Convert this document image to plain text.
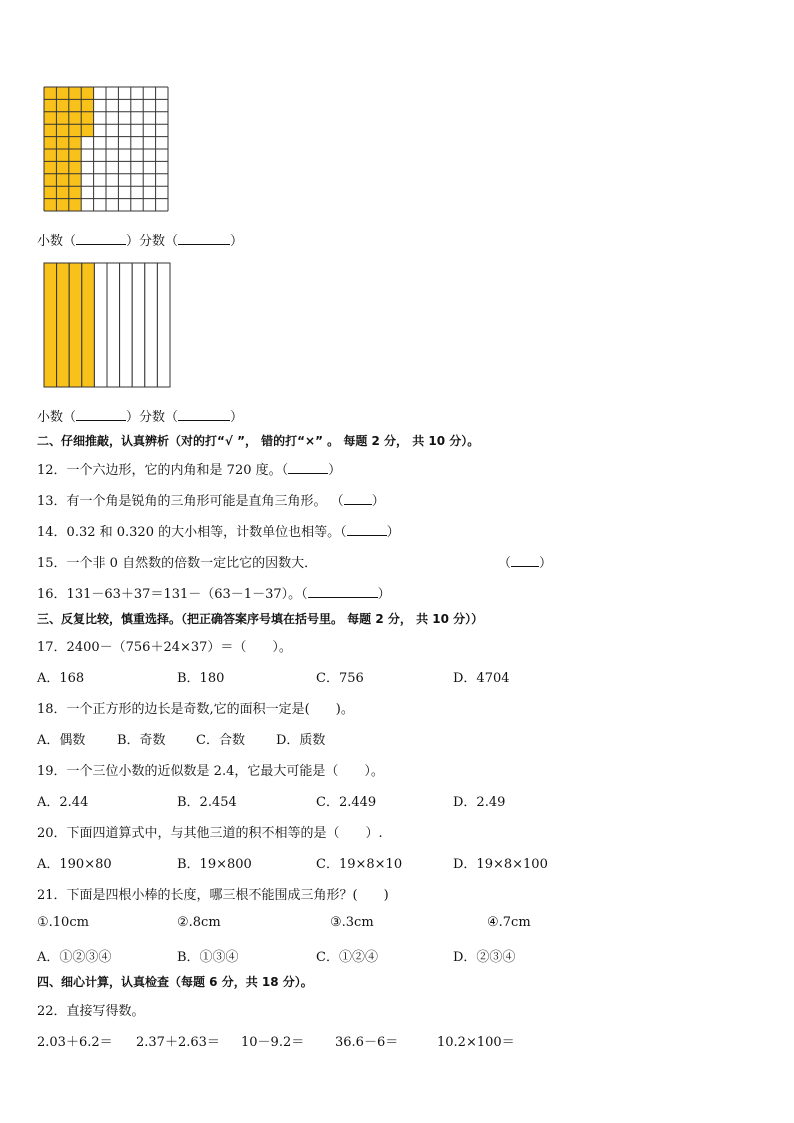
小数（	）分数（	）
小数（	）分数（	）
二、仔细推敲，认真辨析（对的打“√ ”， 错的打“×” 。 每题 2 分， 共 10 分）。
12．一个六边形，它的内角和是 720 度。（	）
13．有一个角是锐角的三角形可能是直角三角形。 （ ）
14．0.32 和 0.320 的大小相等，计数单位也相等。（	）
15．一个非 0 自然数的倍数一定比它的因数大．	（ ）
16．131－63＋37＝131－（63－1－37）。（	）
三、反复比较，慎重选择。（把正确答案序号填在括号里。 每题 2 分， 共 10 分））
17．2400－（756＋24×37）＝（　　）。
A．168	B．180	C．756	D．4704
18．一个正方形的边长是奇数,它的面积一定是(　　)。
A．偶数 B．奇数 C．合数 D．质数
19．一个三位小数的近似数是 2.4，它最大可能是（　　）。
A．2.44	B．2.454	C．2.449	D．2.49
20．下面四道算式中，与其他三道的积不相等的是（　　）.
A．190×80	B．19×800	C．19×8×10	D．19×8×100
21．下面是四根小棒的长度，哪三根不能围成三角形？(　　)
①.10cm	②.8cm	③.3cm	④.7cm
A．①②③④	B．①③④	C．①②④	D．②③④
四、细心计算，认真检查（每题 6 分，共 18 分）。
22．直接写得数。
2.03＋6.2＝ 2.37＋2.63＝ 10－9.2＝ 36.6－6＝	10.2×100＝
